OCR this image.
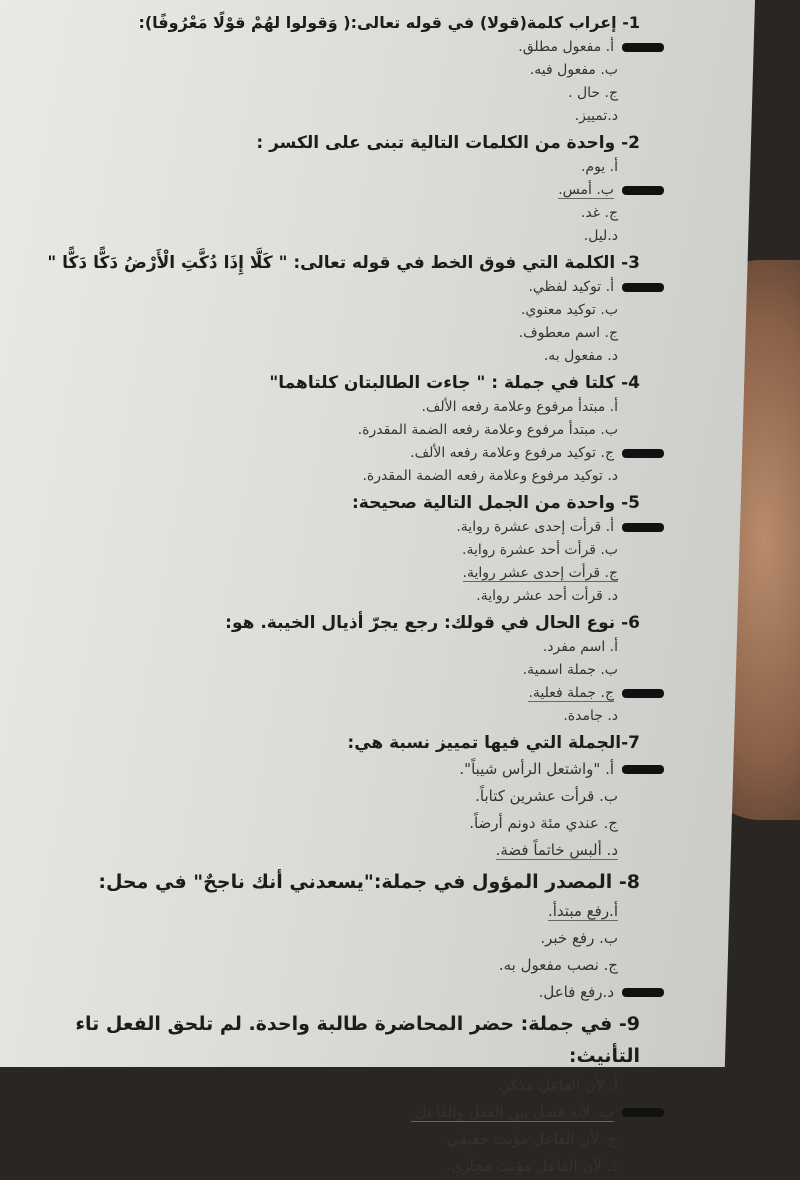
1- إعراب كلمة(قولا) في قوله تعالى:( وَقولوا لهُمْ قوْلًا مَعْرُوفًا):
أ. مفعول مطلق.
ب. مفعول فيه.
ج. حال .
د.تمييز.
2- واحدة من الكلمات التالية تبنى على الكسر :
أ. يوم.
ب. أمس.
ج. غد.
د.ليل.
3- الكلمة التي فوق الخط في قوله تعالى: " كَلَّا إِذَا دُكَّتِ الْأَرْضُ دَكًّا دَكًّا "
أ. توكيد لفظي.
ب. توكيد معنوي.
ج. اسم معطوف.
د. مفعول به.
4- كلتا في جملة : " جاءت الطالبتان كلتاهما"
أ. مبتدأ مرفوع وعلامة رفعه الألف.
ب. مبتدأ مرفوع وعلامة رفعه الضمة المقدرة.
ج. توكيد مرفوع وعلامة رفعه الألف.
د. توكيد مرفوع وعلامة رفعه الضمة المقدرة.
5- واحدة من الجمل التالية صحيحة:
أ. قرأت إحدى عشرة رواية.
ب. قرأت أحد عشرة رواية.
ج. قرأت إحدى عشر رواية.
د. قرأت أحد عشر رواية.
6- نوع الحال في قولك: رجع يجرّ أذيال الخيبة. هو:
أ. اسم مفرد.
ب. جملة اسمية.
ج. جملة فعلية.
د. جامدة.
7-الجملة التي فيها تمييز نسبة هي:
أ. "واشتعل الرأس شيباً".
ب. قرأت عشرين كتاباً.
ج. عندي مئة دونم أرضاً.
د. ألبس خاتماً فضة.
8- المصدر المؤول في جملة:"يسعدني أنك ناجحٌ" في محل:
أ.رفع مبتدأ.
ب. رفع خبر.
ج. نصب مفعول به.
د.رفع فاعل.
9- في جملة: حضر المحاضرة طالبة واحدة. لم تلحق الفعل تاء التأنيث:
أ. لأن الفاعل مذكر.
ب. لأنه فصل بين الفعل والفاعل.
ج. لأن الفاعل مؤنث حقيقي.
د. لأن الفاعل مؤنث مجازي.
